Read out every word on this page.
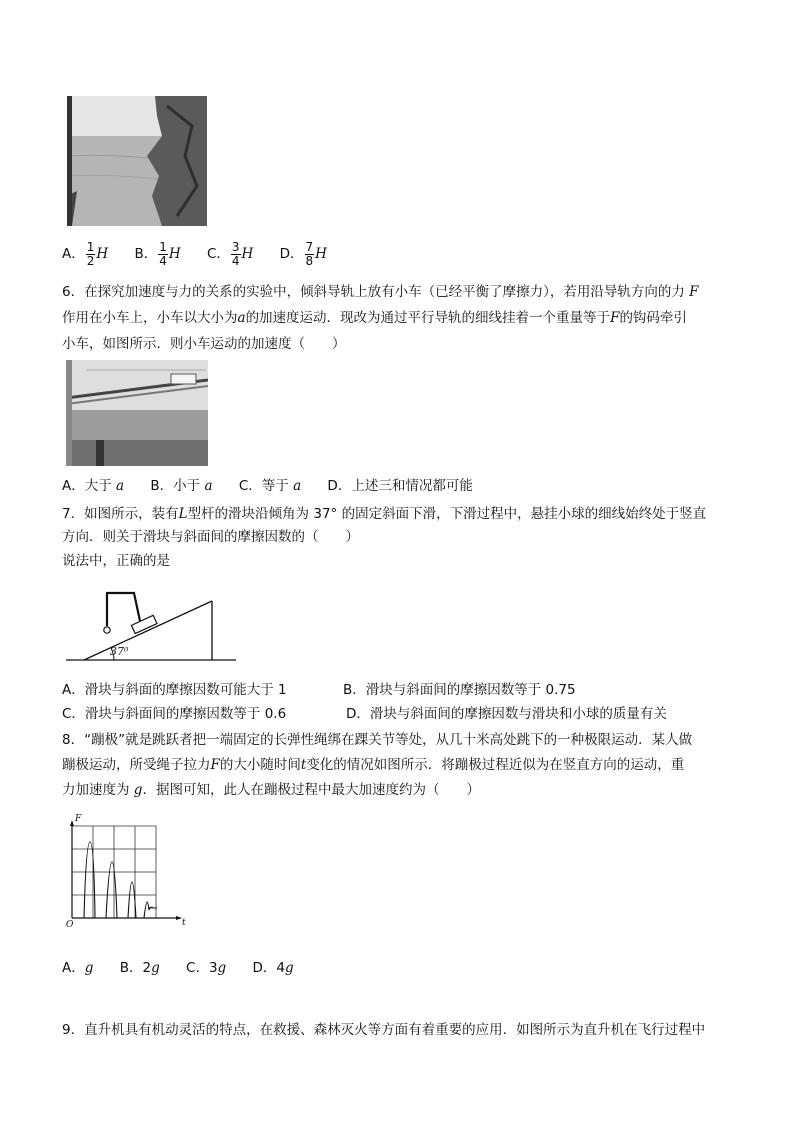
A． $\frac{1}{2}$ H B． $\frac{1}{4}$ H C． $\frac{3}{4}$ H D． $\frac{7}{8}$ H
6．在探究加速度与力的关系的实验中，倾斜导轨上放有小车（已经平衡了摩擦力），若用沿导轨方向的力 F
作用在小车上，小车以大小为a的加速度运动．现改为通过平行导轨的细线挂着一个重量等于F的钩码牵引
小车，如图所示．则小车运动的加速度（　　）
A．大于 a B．小于 a C．等于 a D．上述三和情况都可能
7．如图所示，装有L型杆的滑块沿倾角为 37° 的固定斜面下滑，下滑过程中，悬挂小球的细线始终处于竖直
方向．则关于滑块与斜面间的摩擦因数的（　　）
说法中，正确的是
37⁰
A．滑块与斜面的摩擦因数可能大于 1	B．滑块与斜面间的摩擦因数等于 0.75
C．滑块与斜面间的摩擦因数等于 0.6	D．滑块与斜面间的摩擦因数与滑块和小球的质量有关
8．“蹦极”就是跳跃者把一端固定的长弹性绳绑在踝关节等处，从几十米高处跳下的一种极限运动．某人做
蹦极运动，所受绳子拉力F的大小随时间t变化的情况如图所示．将蹦极过程近似为在竖直方向的运动，重
力加速度为 g．据图可知，此人在蹦极过程中最大加速度约为（　　）
F
t
O
A．g B．2g C．3g D．4g
9．直升机具有机动灵活的特点，在救援、森林灭火等方面有着重要的应用．如图所示为直升机在飞行过程中
